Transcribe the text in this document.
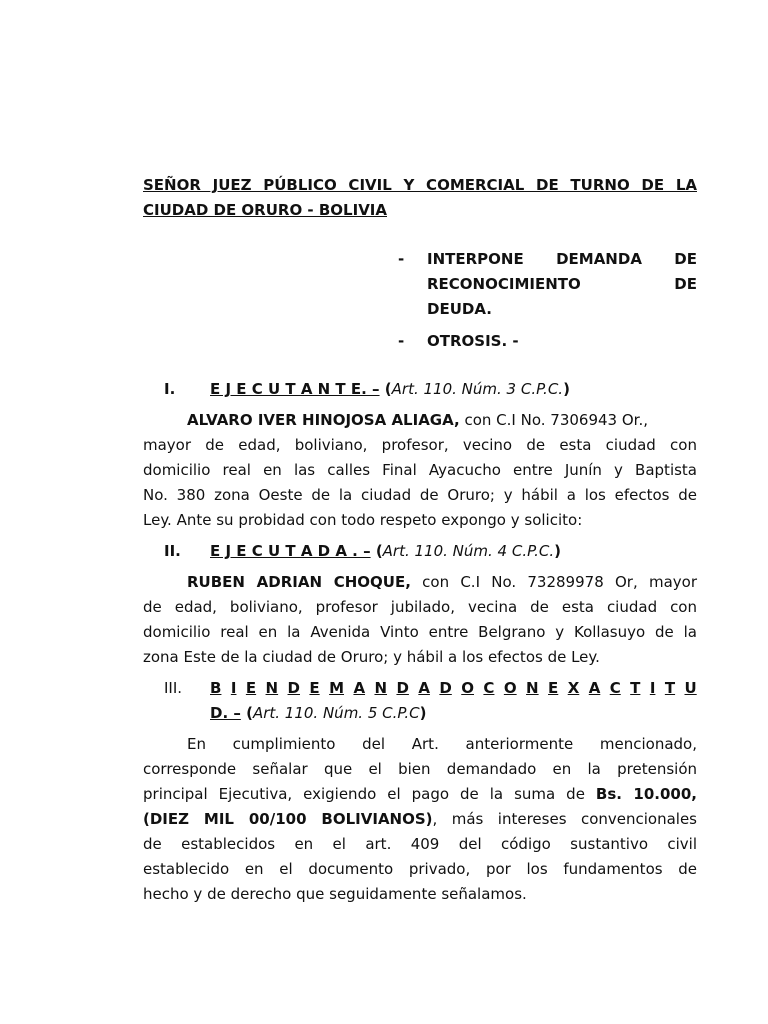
SEÑOR JUEZ PÚBLICO CIVIL Y COMERCIAL DE TURNO DE LA
CIUDAD DE ORURO - BOLIVIA
- INTERPONE DEMANDA DE
RECONOCIMIENTO	DE
DEUDA.
- OTROSIS. -
I. E J E C U T A N T E. – (Art. 110. Núm. 3 C.P.C.)
ALVARO IVER HINOJOSA ALIAGA, con C.I No. 7306943 Or.,
mayor de edad, boliviano, profesor, vecino de esta ciudad con
domicilio real en las calles Final Ayacucho entre Junín y Baptista
No. 380 zona Oeste de la ciudad de Oruro; y hábil a los efectos de
Ley. Ante su probidad con todo respeto expongo y solicito:
II. E J E C U T A D A . – (Art. 110. Núm. 4 C.P.C.)
RUBEN ADRIAN CHOQUE, con C.I No. 73289978 Or, mayor
de edad, boliviano, profesor jubilado, vecina de esta ciudad con
domicilio real en la Avenida Vinto entre Belgrano y Kollasuyo de la
zona Este de la ciudad de Oruro; y hábil a los efectos de Ley.
III. B I E N D E M A N D A D O C O N E X A C T I T U
D. – (Art. 110. Núm. 5 C.P.C)
En cumplimiento del Art. anteriormente mencionado,
corresponde señalar que el bien demandado en la pretensión
principal Ejecutiva, exigiendo el pago de la suma de Bs. 10.000,
(DIEZ MIL 00/100 BOLIVIANOS), más intereses convencionales
de establecidos en el art. 409 del código sustantivo civil
establecido en el documento privado, por los fundamentos de
hecho y de derecho que seguidamente señalamos.
